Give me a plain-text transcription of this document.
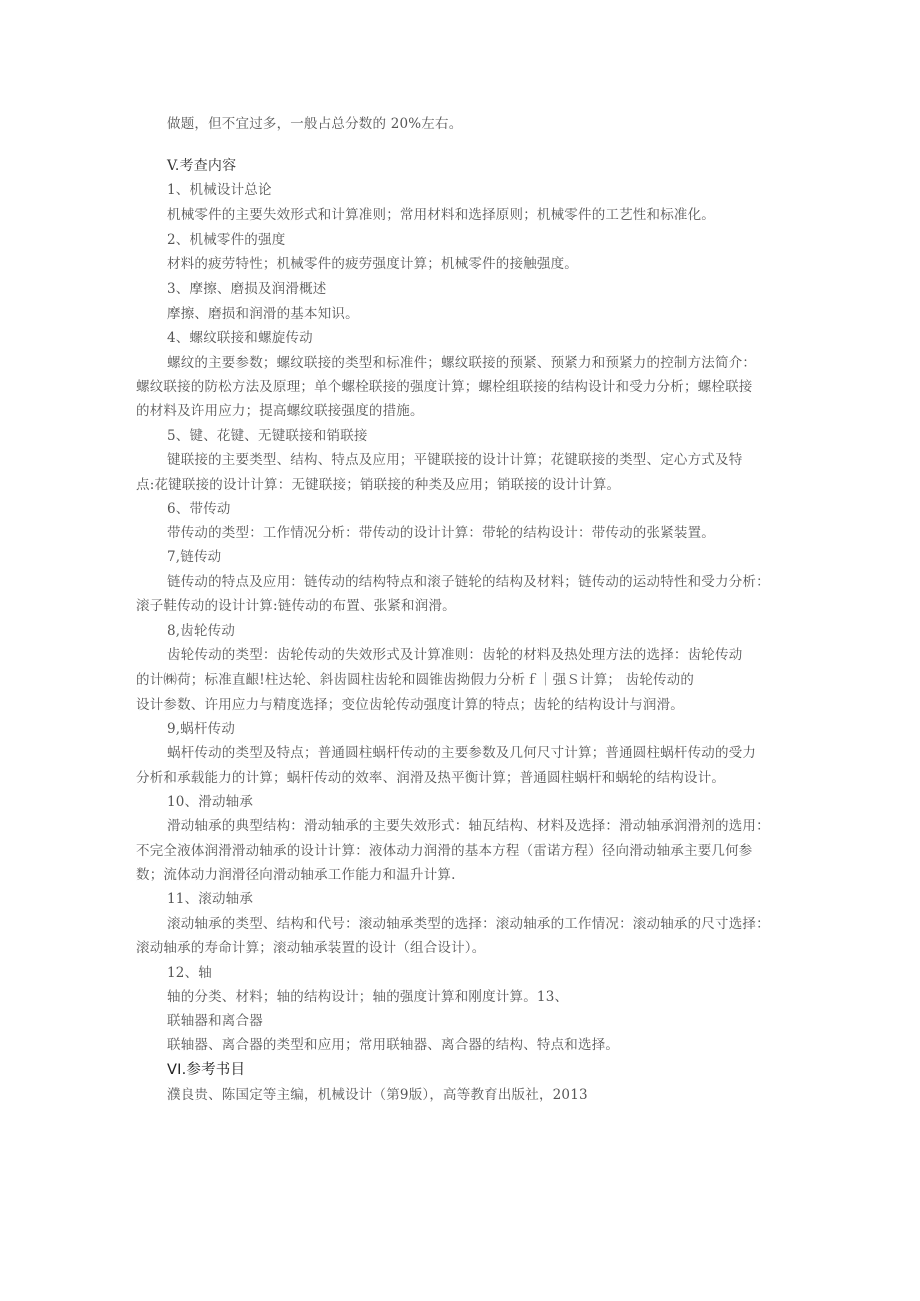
做题，但不宜过多，一般占总分数的 20%左右。
V.考查内容
1、机械设计总论
机械零件的主要失效形式和计算准则；常用材料和选择原则；机械零件的工艺性和标准化。
2、机械零件的强度
材料的疲劳特性；机械零件的疲劳强度计算；机械零件的接触强度。
3、摩擦、磨损及润滑概述
摩擦、磨损和润滑的基本知识。
4、螺纹联接和螺旋传动
螺纹的主要参数；螺纹联接的类型和标准件；螺纹联接的预紧、预紧力和预紧力的控制方法简介：
螺纹联接的防松方法及原理；单个螺栓联接的强度计算；螺栓组联接的结构设计和受力分析；螺栓联接
的材料及许用应力；提高螺纹联接强度的措施。
5、键、花键、无键联接和销联接
键联接的主要类型、结构、特点及应用；平键联接的设计计算；花键联接的类型、定心方式及特
点:花键联接的设计计算：无键联接；销联接的种类及应用；销联接的设计计算。
6、带传动
带传动的类型：工作情况分析：带传动的设计计算：带轮的结构设计：带传动的张紧装置。
7,链传动
链传动的特点及应用：链传动的结构特点和滚子链轮的结构及材料；链传动的运动特性和受力分析：
滚子鞋传动的设计计算:链传动的布置、张紧和润滑。
8,齿轮传动
齿轮传动的类型：齿轮传动的失效形式及计算准则：齿轮的材料及热处理方法的选择：齿轮传动
的计㈱荷；标准直齦!柱达轮、斜齿圆柱齿轮和圆锥齿拗假力分析ｆ｜强Ｓ计算； 齿轮传动的
设计参数、许用应力与精度选择；变位齿轮传动强度计算的特点；齿轮的结构设计与润滑。
9,蜗杆传动
蜗杆传动的类型及特点；普通圆柱蜗杆传动的主要参数及几何尺寸计算；普通圆柱蜗杆传动的受力
分析和承载能力的计算；蜗杆传动的效率、润滑及热平衡计算；普通圆柱蜗杆和蜗轮的结构设计。
10、滑动轴承
滑动轴承的典型结构：滑动轴承的主要失效形式：轴瓦结构、材料及选择：滑动轴承润滑剂的选用：
不完全液体润滑滑动轴承的设计计算：液体动力润滑的基本方程（雷诺方程）径向滑动轴承主要几何参
数；流体动力润滑径向滑动轴承工作能力和温升计算.
11、滚动轴承
滚动轴承的类型、结构和代号：滚动轴承类型的选择：滚动轴承的工作情况：滚动轴承的尺寸选择：
滚动轴承的寿命计算；滚动轴承装置的设计（组合设计）。
12、轴
轴的分类、材料；轴的结构设计；轴的强度计算和刚度计算。13、
联轴器和离合器
联轴器、离合器的类型和应用；常用联轴器、离合器的结构、特点和选择。
VI.参考书目
濮良贵、陈国定等主编，机械设计（第9版），高等教育出版社，2013
